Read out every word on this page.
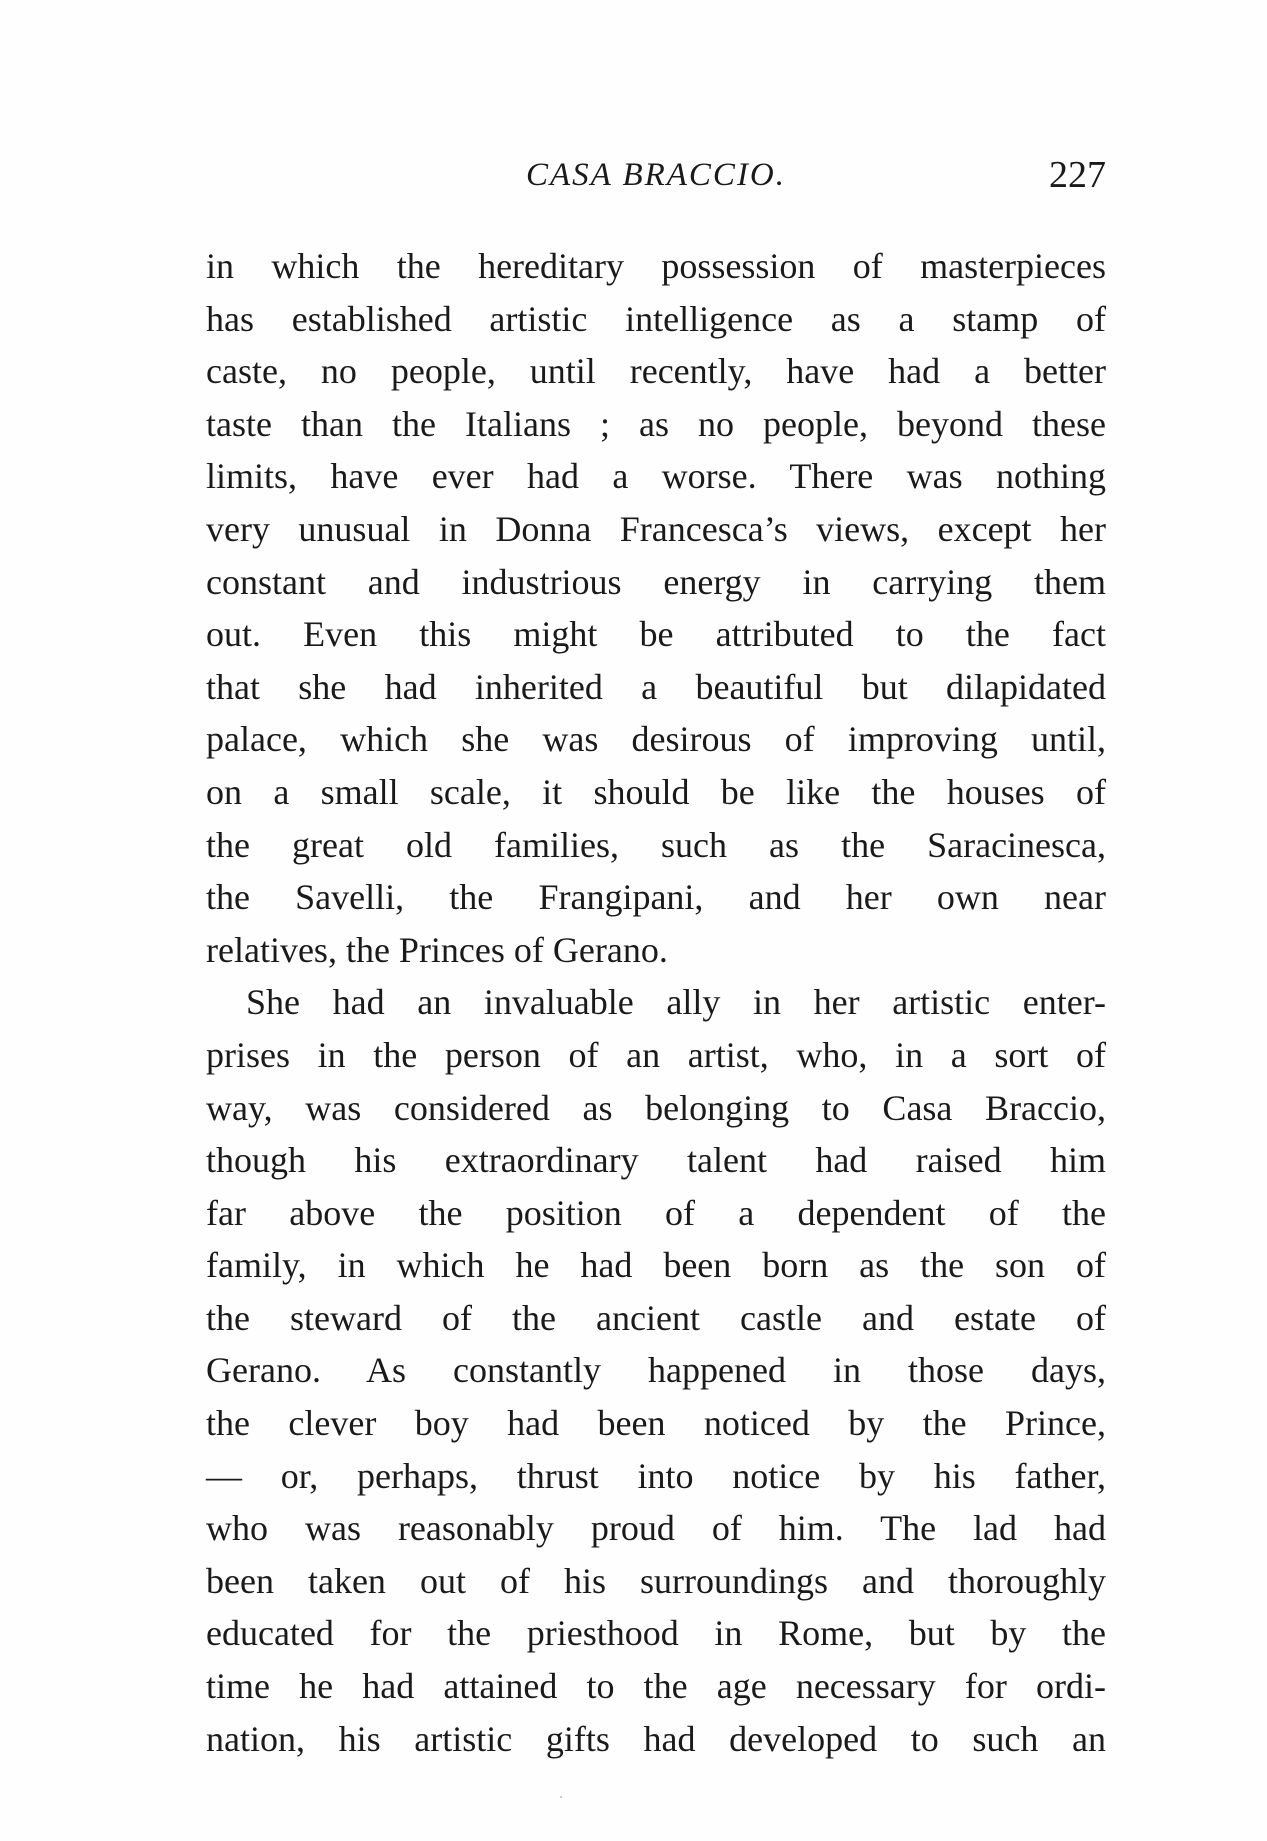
CASA BRACCIO.	227
in which the hereditary possession of masterpieces
has established artistic intelligence as a stamp of
caste, no people, until recently, have had a better
taste than the Italians ; as no people, beyond these
limits, have ever had a worse. There was nothing
very unusual in Donna Francesca’s views, except her
constant and industrious energy in carrying them
out. Even this might be attributed to the fact
that she had inherited a beautiful but dilapidated
palace, which she was desirous of improving until,
on a small scale, it should be like the houses of
the great old families, such as the Saracinesca,
the Savelli, the Frangipani, and her own near
relatives, the Princes of Gerano.
She had an invaluable ally in her artistic enter-
prises in the person of an artist, who, in a sort of
way, was considered as belonging to Casa Braccio,
though his extraordinary talent had raised him
far above the position of a dependent of the
family, in which he had been born as the son of
the steward of the ancient castle and estate of
Gerano. As constantly happened in those days,
the clever boy had been noticed by the Prince,
— or, perhaps, thrust into notice by his father,
who was reasonably proud of him. The lad had
been taken out of his surroundings and thoroughly
educated for the priesthood in Rome, but by the
time he had attained to the age necessary for ordi-
nation, his artistic gifts had developed to such an
